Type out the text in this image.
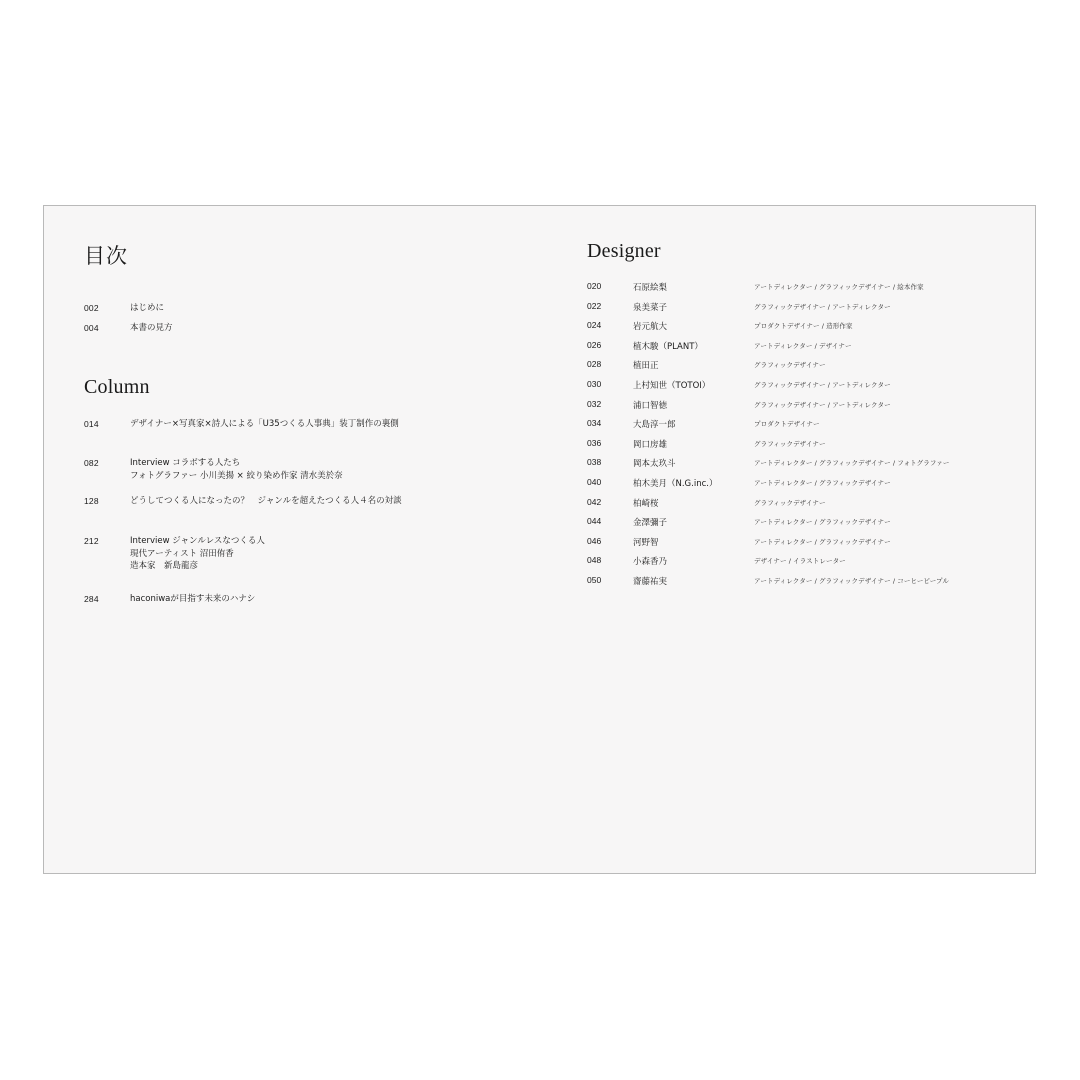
目次
002	はじめに
004	本書の見方
Column
014	デザイナー×写真家×詩人による「U35つくる人事典」装丁制作の裏側
082	Interview コラボする人たち
フォトグラファー 小川美揚 × 絞り染め作家 清水美於奈
128	どうしてつくる人になったの？　ジャンルを超えたつくる人４名の対談
212	Interview ジャンルレスなつくる人
現代アーティスト 沼田侑香
造本家　新島龍彦
284	haconiwaが目指す未来のハナシ
Designer
020	石原絵梨	アートディレクター / グラフィックデザイナー / 絵本作家
022	泉美菜子	グラフィックデザイナー / アートディレクター
024	岩元航大	プロダクトデザイナー / 造形作家
026	植木駿（PLANT）	アートディレクター / デザイナー
028	植田正	グラフィックデザイナー
030	上村知世（TOTOI）	グラフィックデザイナー / アートディレクター
032	浦口智徳	グラフィックデザイナー / アートディレクター
034	大島淳一郎	プロダクトデザイナー
036	岡口房雄	グラフィックデザイナー
038	岡本太玖斗	アートディレクター / グラフィックデザイナー / フォトグラファー
040	柏木美月（N.G.inc.）	アートディレクター / グラフィックデザイナー
042	柏崎桜	グラフィックデザイナー
044	金澤彌子	アートディレクター / グラフィックデザイナー
046	河野智	アートディレクター / グラフィックデザイナー
048	小森香乃	デザイナー / イラストレーター
050	齋藤祐実	アートディレクター / グラフィックデザイナー / コーヒーピープル
